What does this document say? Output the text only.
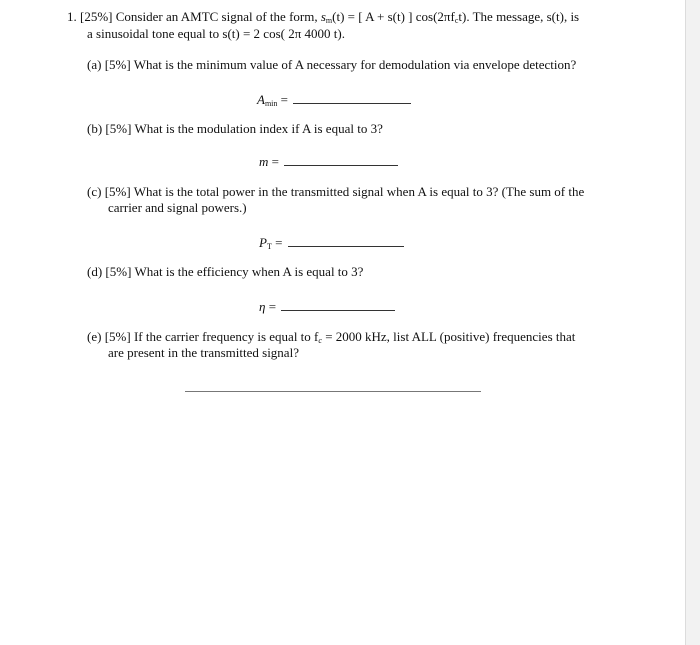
1. [25%] Consider an AMTC signal of the form, $s_m(t)$ = [ A + s(t) ] $\cos(2\pi f_ct)$. The message, s(t), is
a sinusoidal tone equal to s(t) = 2 cos( 2π 4000 t).
(a) [5%] What is the minimum value of A necessary for demodulation via envelope detection?
$A_{min}$ =
(b) [5%] What is the modulation index if A is equal to 3?
m =
(c) [5%] What is the total power in the transmitted signal when A is equal to 3? (The sum of the
carrier and signal powers.)
$P_T$ =
(d) [5%] What is the efficiency when A is equal to 3?
η =
(e) [5%] If the carrier frequency is equal to $f_c = 2000$ kHz, list ALL (positive) frequencies that
are present in the transmitted signal?
